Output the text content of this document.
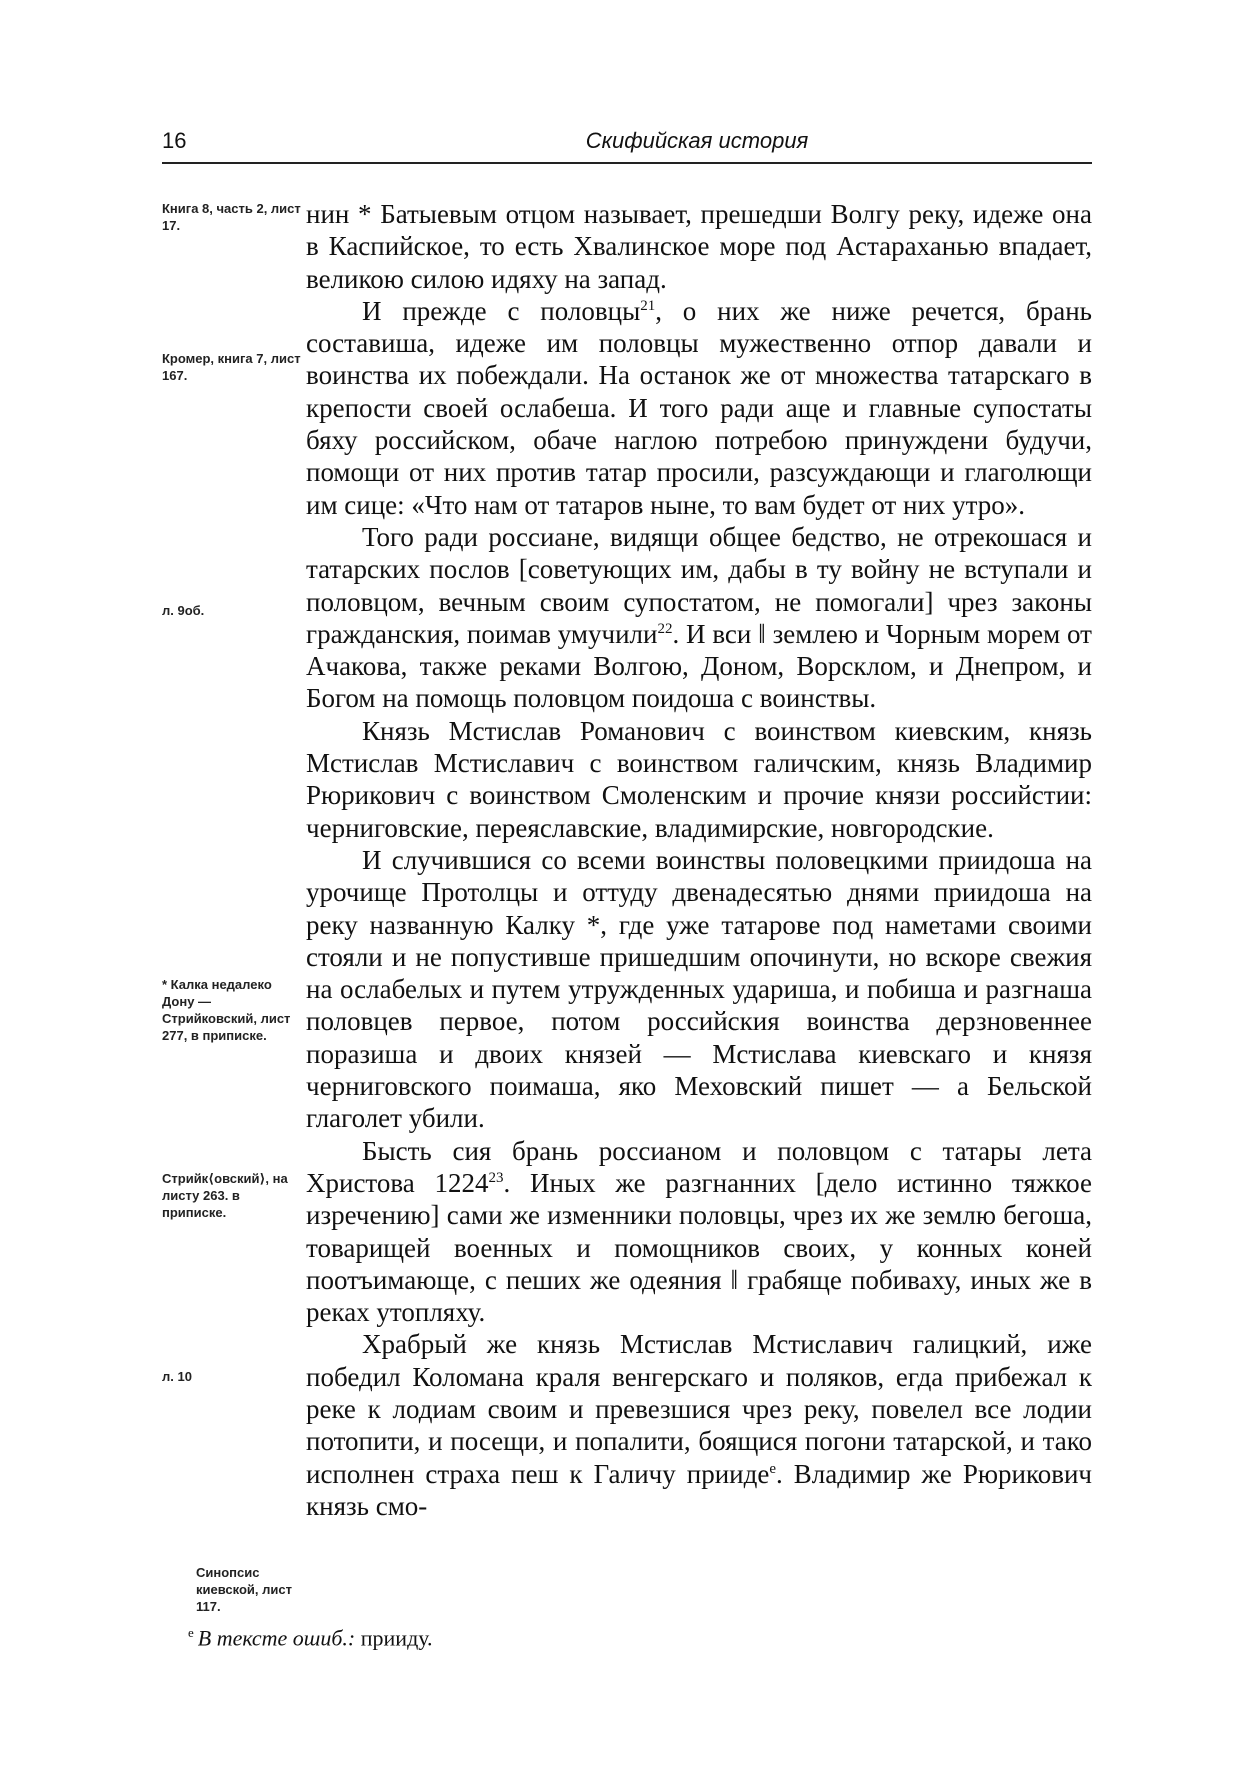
16	Скифийская история
Книга 8, часть 2, лист 17.
Кромер, книга 7, лист 167.
л. 9об.
* Калка недалеко Дону — Стрийковский, лист 277, в приписке.
Стрийк⟨овский⟩, на листу 263. в приписке.
л. 10
Синопсис киевской, лист 117.

нин * Батыевым отцом называет, прешедши Волгу реку, идеже она в Каспийское, то есть Хвалинское море под Астараханью впадает, великою силою идяху на запад.

И прежде с половцы$^{21}$, о них же ниже речется, брань составиша, идеже им половцы мужественно отпор давали и воинства их побеждали. На останок же от множества татарскаго в крепости своей ослабеша. И того ради аще и главные супостаты бяху российском, обаче наглою потребою принуждени будучи, помощи от них против татар просили, разсуждающи и глаголющи им сице: «Что нам от татаров ныне, то вам будет от них утро».

Того ради россиане, видящи общее бедство, не отрекошася и татарских послов [советующих им, дабы в ту войну не вступали и половцом, вечным своим супостатом, не помогали] чрез законы гражданския, поимав умучили$^{22}$. И вси ‖ землею и Чорным морем от Ачакова, также реками Волгою, Доном, Ворсклом, и Днепром, и Богом на помощь половцом поидоша с воинствы.

Князь Мстислав Романович с воинством киевским, князь Мстислав Мстиславич с воинством галичским, князь Владимир Рюрикович с воинством Смоленским и прочие князи российстии: черниговские, переяславские, владимирские, новгородские.

И случившися со всеми воинствы половецкими приидоша на урочище Протолцы и оттуду двенадесятью днями приидоша на реку названную Калку *, где уже татарове под наметами своими стояли и не попустивше пришедшим опочинути, но вскоре свежия на ослабелых и путем утружденных удариша, и побиша и разгнаша половцев первое, потом российския воинства дерзновеннее поразиша и двоих князей — Мстислава киевскаго и князя черниговского поимаша, яко Меховский пишет — а Бельской глаголет убили.

Бысть сия брань россианом и половцом с татары лета Христова 1224$^{23}$. Иных же разгнанних [дело истинно тяжкое изречению] сами же изменники половцы, чрез их же землю бегоша, товарищей военных и помощников своих, у конных коней поотъимающе, с пеших же одеяния ‖ грабяще побиваху, иных же в реках утопляху.

Храбрый же князь Мстислав Мстиславич галицкий, иже победил Коломана краля венгерскаго и поляков, егда прибежал к реке к лодиам своим и превезшися чрез реку, повелел все лодии потопити, и посещи, и попалити, боящися погони татарской, и тако исполнен страха пеш к Галичу прииде$^е$. Владимир же Рюрикович князь смо-

$^е$ В тексте ошиб.: прииду.
